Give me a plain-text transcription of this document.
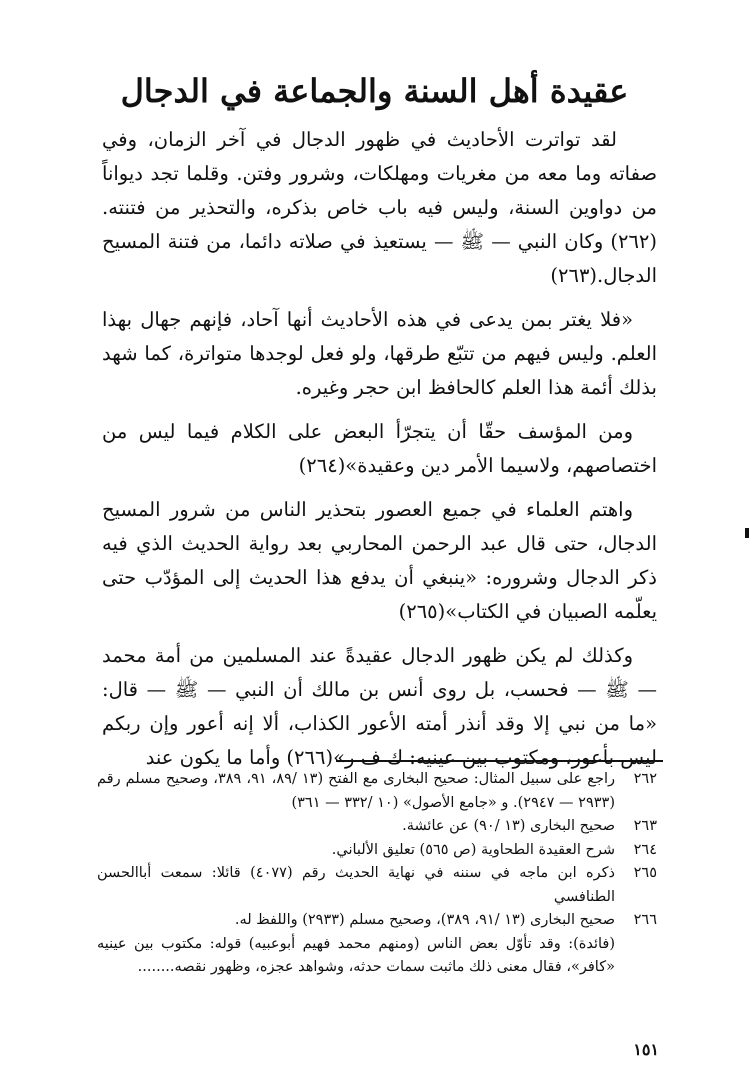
عقيدة أهل السنة والجماعة في الدجال

لقد تواترت الأحاديث في ظهور الدجال في آخر الزمان، وفي صفاته وما معه من مغريات ومهلكات، وشرور وفتن. وقلما تجد ديواناً من دواوين السنة، وليس فيه باب خاص بذكره، والتحذير من فتنته.(٢٦٢) وكان النبي — ﷺ — يستعيذ في صلاته دائما، من فتنة المسيح الدجال.(٢٦٣)

«فلا يغتر بمن يدعى في هذه الأحاديث أنها آحاد، فإنهم جهال بهذا العلم. وليس فيهم من تتبّع طرقها، ولو فعل لوجدها متواترة، كما شهد بذلك أئمة هذا العلم كالحافظ ابن حجر وغيره.

ومن المؤسف حقّا أن يتجرّأ البعض على الكلام فيما ليس من اختصاصهم، ولاسيما الأمر دين وعقيدة»(٢٦٤)

واهتم العلماء في جميع العصور بتحذير الناس من شرور المسيح الدجال، حتى قال عبد الرحمن المحاربي بعد رواية الحديث الذي فيه ذكر الدجال وشروره: «ينبغي أن يدفع هذا الحديث إلى المؤدّب حتى يعلّمه الصبيان في الكتاب»(٢٦٥)

وكذلك لم يكن ظهور الدجال عقيدةً عند المسلمين من أمة محمد — ﷺ — فحسب، بل روى أنس بن مالك أن النبي — ﷺ — قال: «ما من نبي إلا وقد أنذر أمته الأعور الكذاب، ألا إنه أعور وإن ربكم ليس بأعور، ومكتوب بين عينيه: ك ف ر»(٢٦٦) وأما ما يكون عند

٢٦٢
راجع على سبيل المثال: صحيح البخارى مع الفتح (١٣ /٨٩، ٩١، ٣٨٩، وصحيح مسلم رقم (٢٩٣٣ — ٢٩٤٧). و «جامع الأصول» (١٠ /٣٣٢ — ٣٦١)
٢٦٣
صحيح البخارى (١٣ /٩٠) عن عائشة.
٢٦٤
شرح العقيدة الطحاوية (ص ٥٦٥) تعليق الألباني.
٢٦٥
ذكره ابن ماجه في سننه في نهاية الحديث رقم (٤٠٧٧) قائلا: سمعت أباالحسن الطنافسي
٢٦٦
صحيح البخارى (١٣ /٩١، ٣٨٩)، وصحيح مسلم (٢٩٣٣) واللفظ له.
(فائدة): وقد تأوّل بعض الناس (ومنهم محمد فهيم أبوعبيه) قوله: مكتوب بين عينيه «كافر»، فقال معنى ذلك ماثبت سمات حدثه، وشواهد عجزه، وظهور نقصه........
١٥١
